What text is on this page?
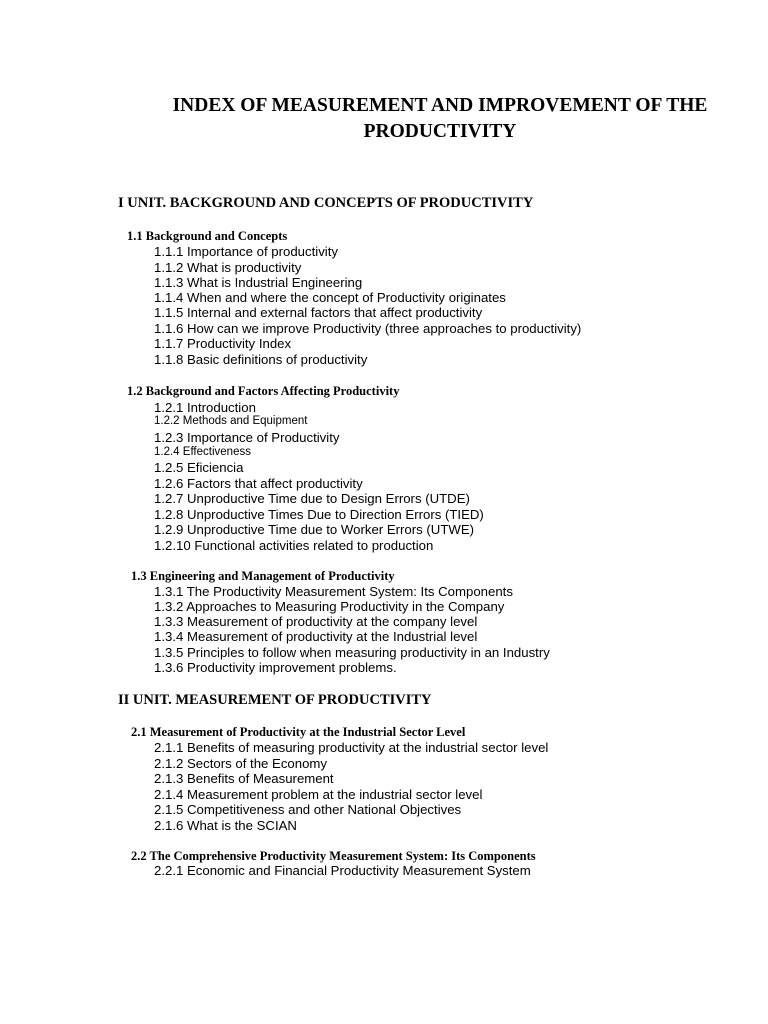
INDEX OF MEASUREMENT AND IMPROVEMENT OF THE
PRODUCTIVITY
I UNIT. BACKGROUND AND CONCEPTS OF PRODUCTIVITY
1.1 Background and Concepts
1.1.1 Importance of productivity
1.1.2 What is productivity
1.1.3 What is Industrial Engineering
1.1.4 When and where the concept of Productivity originates
1.1.5 Internal and external factors that affect productivity
1.1.6 How can we improve Productivity (three approaches to productivity)
1.1.7 Productivity Index
1.1.8 Basic definitions of productivity
1.2 Background and Factors Affecting Productivity
1.2.1 Introduction
1.2.2 Methods and Equipment
1.2.3 Importance of Productivity
1.2.4 Effectiveness
1.2.5 Eficiencia
1.2.6 Factors that affect productivity
1.2.7 Unproductive Time due to Design Errors (UTDE)
1.2.8 Unproductive Times Due to Direction Errors (TIED)
1.2.9 Unproductive Time due to Worker Errors (UTWE)
1.2.10 Functional activities related to production
1.3 Engineering and Management of Productivity
1.3.1 The Productivity Measurement System: Its Components
1.3.2 Approaches to Measuring Productivity in the Company
1.3.3 Measurement of productivity at the company level
1.3.4 Measurement of productivity at the Industrial level
1.3.5 Principles to follow when measuring productivity in an Industry
1.3.6 Productivity improvement problems.
II UNIT. MEASUREMENT OF PRODUCTIVITY
2.1 Measurement of Productivity at the Industrial Sector Level
2.1.1 Benefits of measuring productivity at the industrial sector level
2.1.2 Sectors of the Economy
2.1.3 Benefits of Measurement
2.1.4 Measurement problem at the industrial sector level
2.1.5 Competitiveness and other National Objectives
2.1.6 What is the SCIAN
2.2 The Comprehensive Productivity Measurement System: Its Components
2.2.1 Economic and Financial Productivity Measurement System
